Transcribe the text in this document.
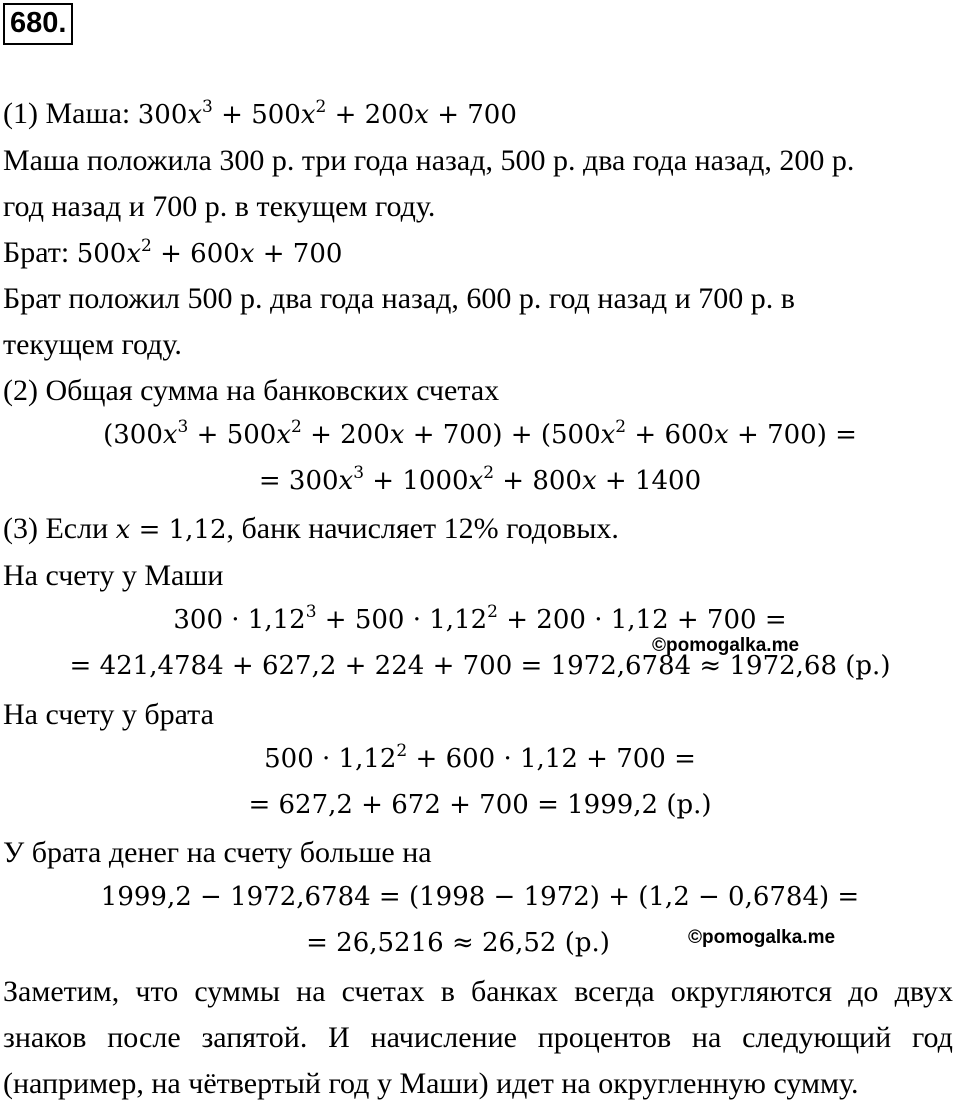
680.
(1) Маша: $300x^3 + 500x^2 + 200x + 700$
Маша положила 300 р. три года назад, 500 р. два года назад, 200 р.
год назад и 700 р. в текущем году.
Брат: $500x^2 + 600x + 700$
Брат положил 500 р. два года назад, 600 р. год назад и 700 р. в
текущем году.
(2) Общая сумма на банковских счетах
$(300x^3 + 500x^2 + 200x + 700) + (500x^2 + 600x + 700)$ =
= $300x^3 + 1000x^2 + 800x + 1400$
(3) Если x = 1,12, банк начисляет 12% годовых.
На счету у Маши
$300 \cdot 1,12^3 + 500 \cdot 1,12^2 + 200 \cdot 1,12 + 700$ =
©pomogalka.me
= 421,4784 + 627,2 + 224 + 700 = 1972,6784 ≈ 1972,68 (р.)
На счету у брата
$500 \cdot 1,12^2 + 600 \cdot 1,12 + 700$ =
= 627,2 + 672 + 700 = 1999,2 (р.)
У брата денег на счету больше на
1999,2 − 1972,6784 = (1998 − 1972) + (1,2 − 0,6784) =
= 26,5216 ≈ 26,52 (р.)	©pomogalka.me
Заметим, что суммы на счетах в банках всегда округляются до двух
знаков после запятой. И начисление процентов на следующий год
(например, на чётвертый год у Маши) идет на округленную сумму.
